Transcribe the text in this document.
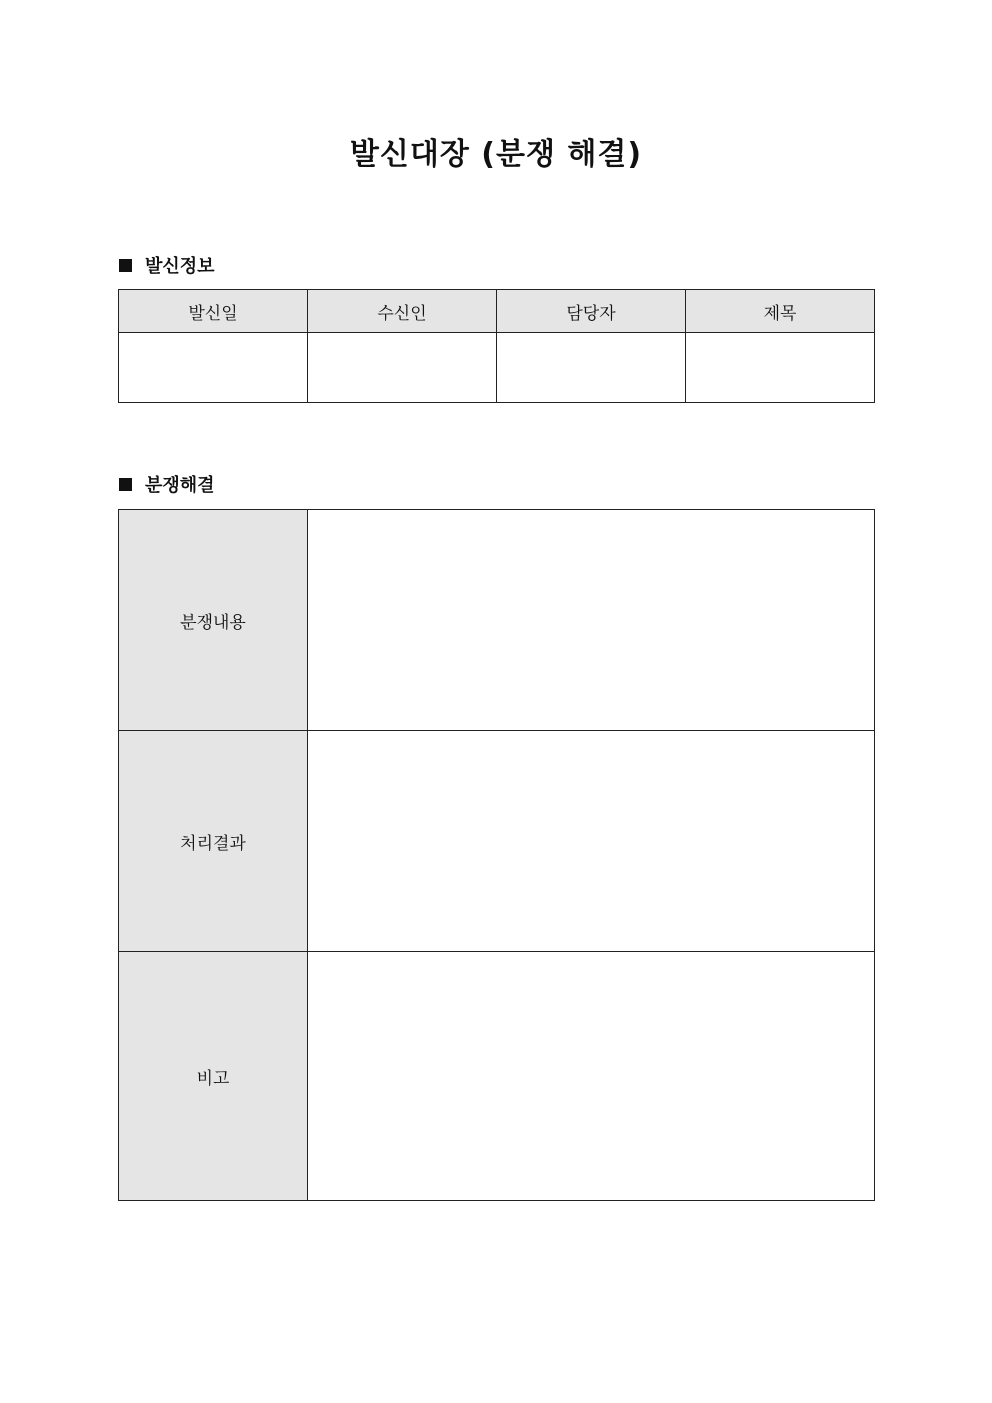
발신대장 (분쟁 해결)
발신정보
발신일	수신인	담당자	제목

분쟁해결
분쟁내용	
처리결과	
비고	
